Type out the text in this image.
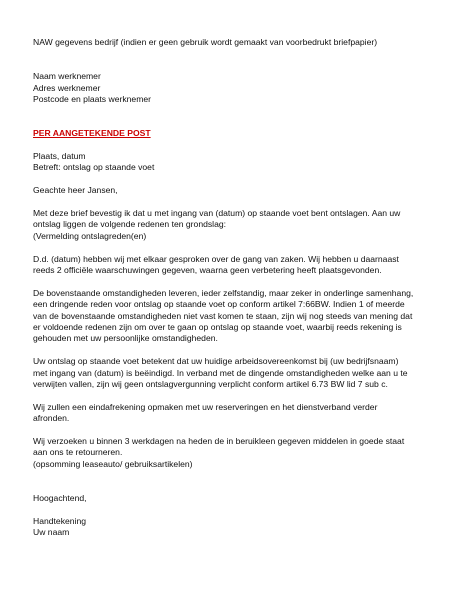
NAW gegevens bedrijf (indien er geen gebruik wordt gemaakt van voorbedrukt briefpapier)
Naam werknemer
Adres werknemer
Postcode en plaats werknemer
PER AANGETEKENDE POST
Plaats, datum
Betreft: ontslag op staande voet
Geachte heer Jansen,
Met deze brief bevestig ik dat u met ingang van (datum) op staande voet bent ontslagen. Aan uw
ontslag liggen de volgende redenen ten grondslag:
(Vermelding ontslagreden(en)
D.d. (datum) hebben wij met elkaar gesproken over de gang van zaken. Wij hebben u daarnaast
reeds 2 officiële waarschuwingen gegeven, waarna geen verbetering heeft plaatsgevonden.
De bovenstaande omstandigheden leveren, ieder zelfstandig, maar zeker in onderlinge samenhang,
een dringende reden voor ontslag op staande voet op conform artikel 7:66BW. Indien 1 of meerde
van de bovenstaande omstandigheden niet vast komen te staan, zijn wij nog steeds van mening dat
er voldoende redenen zijn om over te gaan op ontslag op staande voet, waarbij reeds rekening is
gehouden met uw persoonlijke omstandigheden.
Uw ontslag op staande voet betekent dat uw huidige arbeidsovereenkomst bij (uw bedrijfsnaam)
met ingang van (datum) is beëindigd. In verband met de dingende omstandigheden welke aan u te
verwijten vallen, zijn wij geen ontslagvergunning verplicht conform artikel 6.73 BW lid 7 sub c.
Wij zullen een eindafrekening opmaken met uw reserveringen en het dienstverband verder
afronden.
Wij verzoeken u binnen 3 werkdagen na heden de in beruikleen gegeven middelen in goede staat
aan ons te retourneren.
(opsomming leaseauto/ gebruiksartikelen)
Hoogachtend,
Handtekening
Uw naam
